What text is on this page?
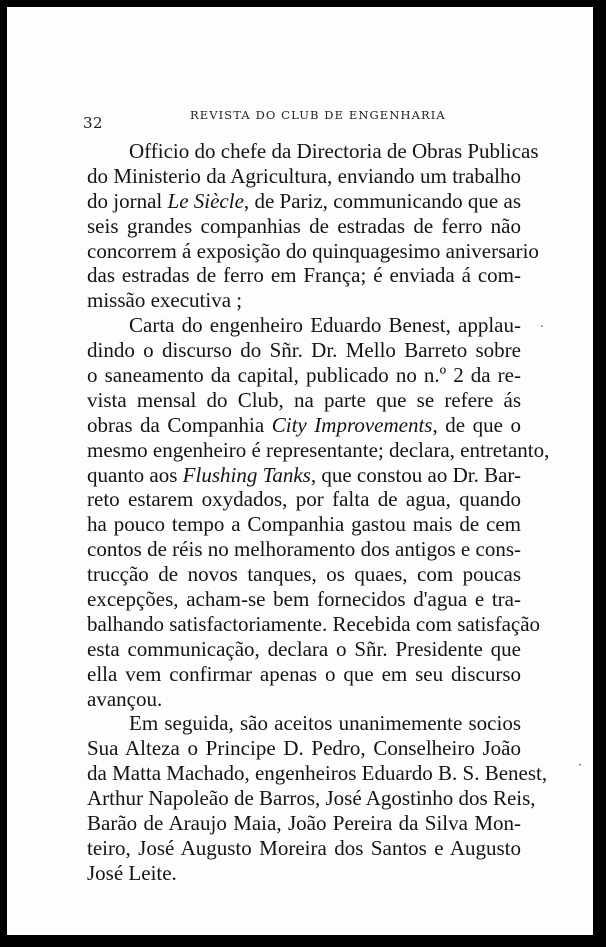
32	REVISTA DO CLUB DE ENGENHARIA
Officio do chefe da Directoria de Obras Publicas
do Ministerio da Agricultura, enviando um trabalho
do jornal Le Siècle, de Pariz, communicando que as
seis grandes companhias de estradas de ferro não
concorrem á exposição do quinquagesimo aniversario
das estradas de ferro em França; é enviada á com-
missão executiva ;
Carta do engenheiro Eduardo Benest, applau-
dindo o discurso do Sñr. Dr. Mello Barreto sobre
o saneamento da capital, publicado no n.º 2 da re-
vista mensal do Club, na parte que se refere ás
obras da Companhia City Improvements, de que o
mesmo engenheiro é representante; declara, entretanto,
quanto aos Flushing Tanks, que constou ao Dr. Bar-
reto estarem oxydados, por falta de agua, quando
ha pouco tempo a Companhia gastou mais de cem
contos de réis no melhoramento dos antigos e cons-
trucção de novos tanques, os quaes, com poucas
excepções, acham-se bem fornecidos d'agua e tra-
balhando satisfactoriamente. Recebida com satisfação
esta communicação, declara o Sñr. Presidente que
ella vem confirmar apenas o que em seu discurso
avançou.
Em seguida, são aceitos unanimemente socios
Sua Alteza o Principe D. Pedro, Conselheiro João
da Matta Machado, engenheiros Eduardo B. S. Benest,
Arthur Napoleão de Barros, José Agostinho dos Reis,
Barão de Araujo Maia, João Pereira da Silva Mon-
teiro, José Augusto Moreira dos Santos e Augusto
José Leite.
.
·
